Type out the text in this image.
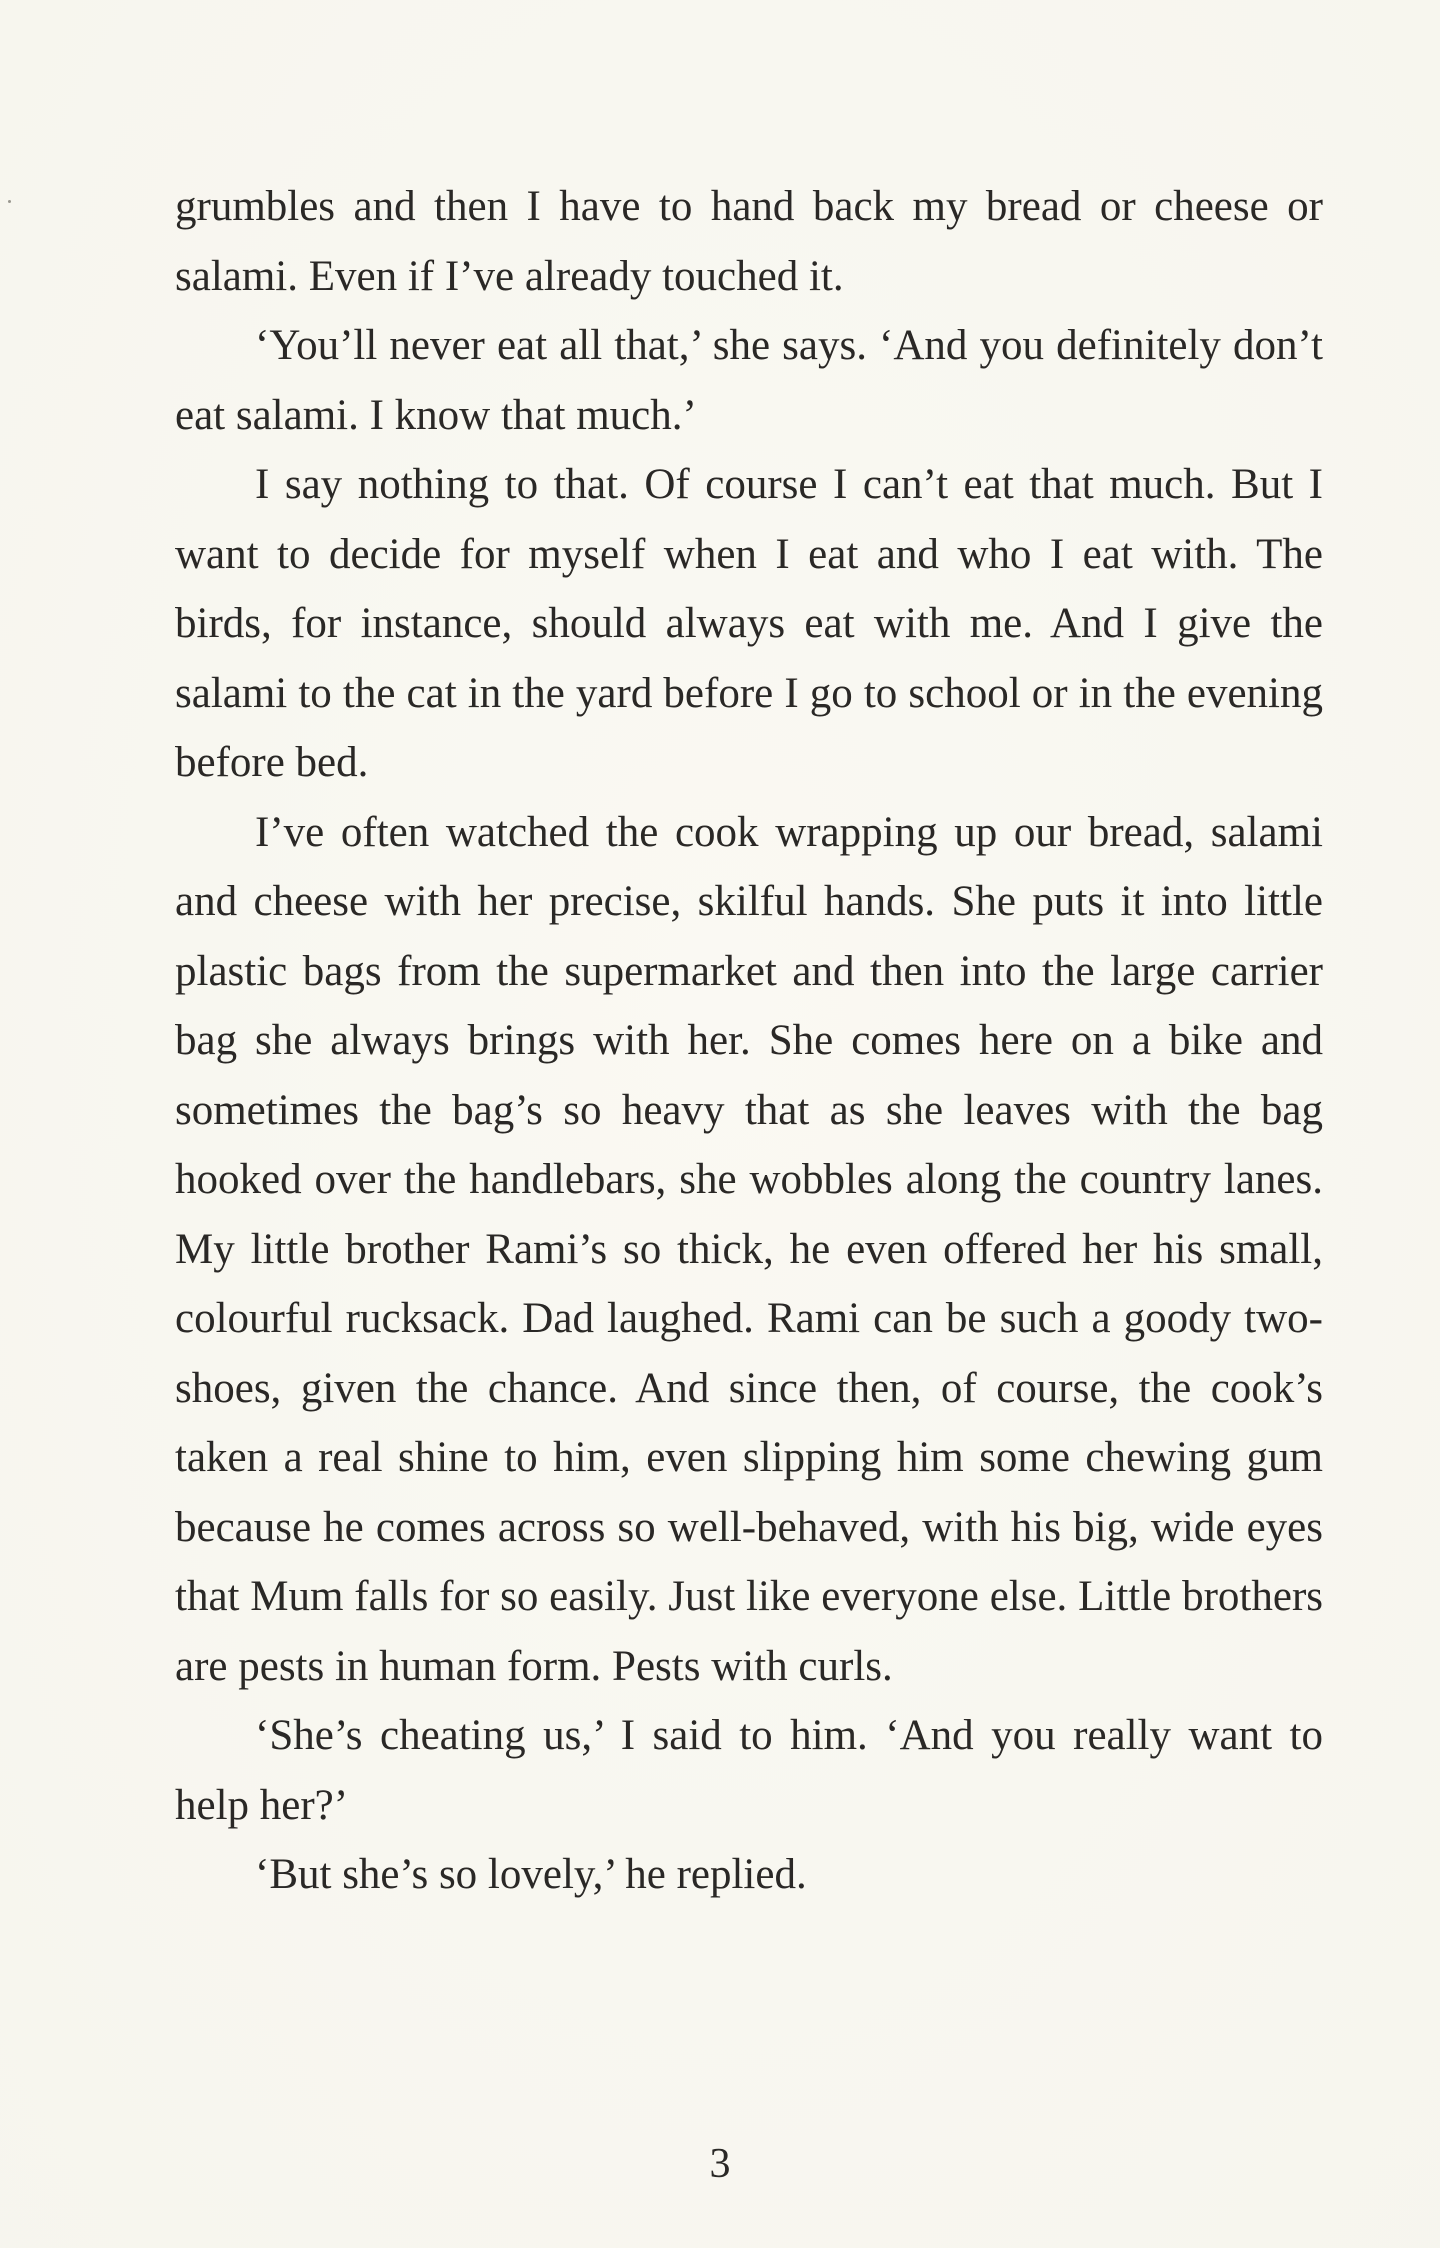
grumbles and then I have to hand back my bread or cheese or salami. Even if I’ve already touched it.

‘You’ll never eat all that,’ she says. ‘And you definitely don’t eat salami. I know that much.’

I say nothing to that. Of course I can’t eat that much. But I want to decide for myself when I eat and who I eat with. The birds, for instance, should always eat with me. And I give the salami to the cat in the yard before I go to school or in the evening before bed.

I’ve often watched the cook wrapping up our bread, salami and cheese with her precise, skilful hands. She puts it into little plastic bags from the supermarket and then into the large carrier bag she always brings with her. She comes here on a bike and sometimes the bag’s so heavy that as she leaves with the bag hooked over the handlebars, she wobbles along the country lanes. My little brother Rami’s so thick, he even offered her his small, colourful rucksack. Dad laughed. Rami can be such a goody two-shoes, given the chance. And since then, of course, the cook’s taken a real shine to him, even slipping him some chewing gum because he comes across so well-behaved, with his big, wide eyes that Mum falls for so easily. Just like everyone else. Little brothers are pests in human form. Pests with curls.

‘She’s cheating us,’ I said to him. ‘And you really want to help her?’

‘But she’s so lovely,’ he replied.

3
